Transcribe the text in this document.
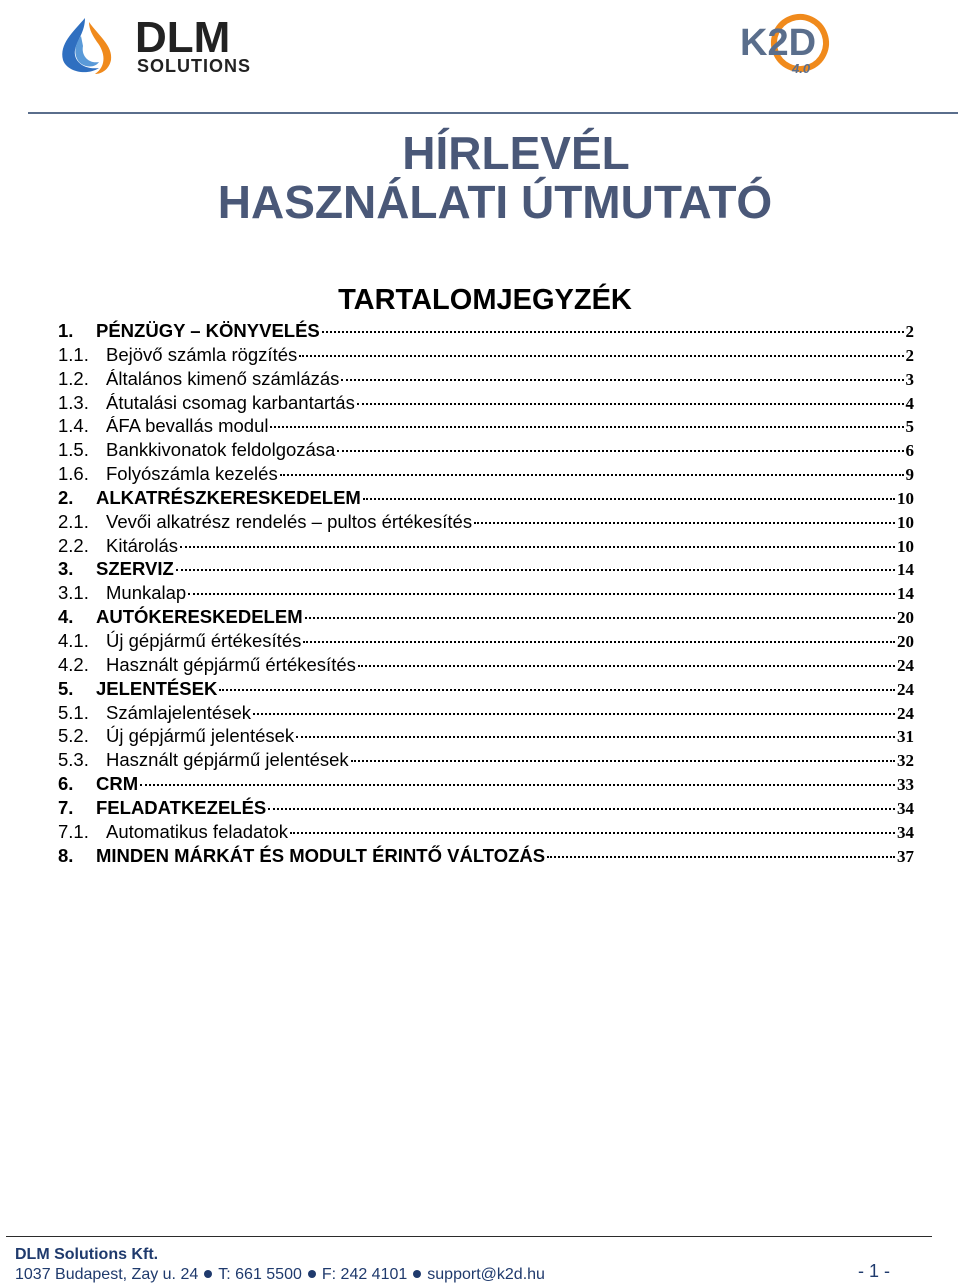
DLM
SOLUTIONS
K2D
4.0
HÍRLEVÉL
HASZNÁLATI ÚTMUTATÓ
TARTALOMJEGYZÉK
1.	PÉNZÜGY – KÖNYVELÉS	2
1.1. Bejövő számla rögzítés	2
1.2. Általános kimenő számlázás	3
1.3. Átutalási csomag karbantartás	4
1.4. ÁFA bevallás modul	5
1.5. Bankkivonatok feldolgozása	6
1.6. Folyószámla kezelés	9
2.	ALKATRÉSZKERESKEDELEM	10
2.1. Vevői alkatrész rendelés – pultos értékesítés	10
2.2. Kitárolás	10
3.	SZERVIZ	14
3.1. Munkalap	14
4.	AUTÓKERESKEDELEM	20
4.1. Új gépjármű értékesítés	20
4.2. Használt gépjármű értékesítés	24
5.	JELENTÉSEK	24
5.1. Számlajelentések	24
5.2. Új gépjármű jelentések	31
5.3. Használt gépjármű jelentések	32
6.	CRM	33
7.	FELADATKEZELÉS	34
7.1. Automatikus feladatok	34
8.	MINDEN MÁRKÁT ÉS MODULT ÉRINTŐ VÁLTOZÁS	37
DLM Solutions Kft.
1037 Budapest, Zay u. 24 T: 661 5500 F: 242 4101 support@k2d.hu	- 1 -
